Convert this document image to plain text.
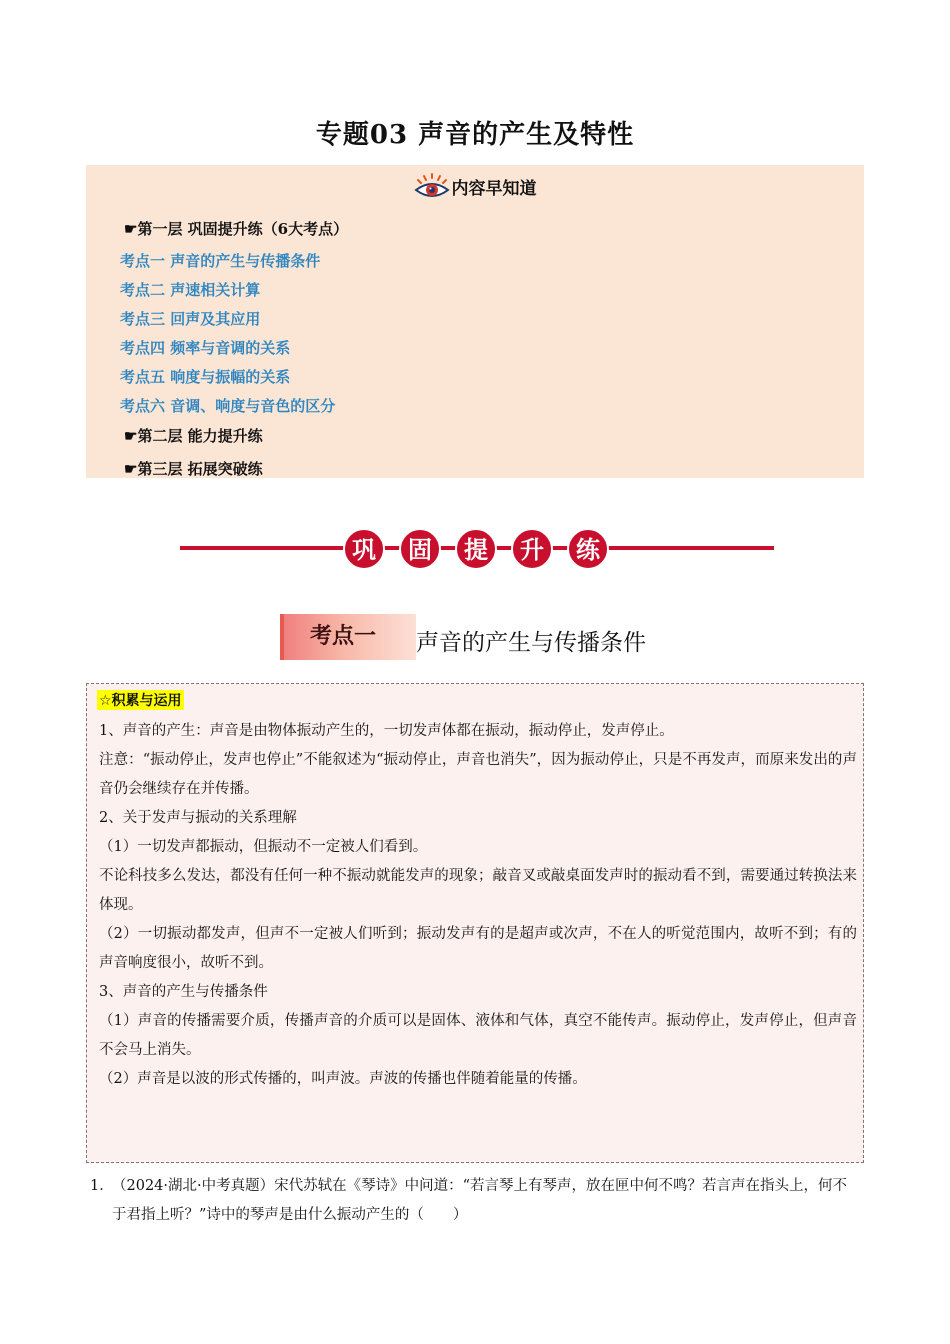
专题03 声音的产生及特性
内容早知道
☛第一层 巩固提升练（6大考点）
考点一 声音的产生与传播条件
考点二 声速相关计算
考点三 回声及其应用
考点四 频率与音调的关系
考点五 响度与振幅的关系
考点六 音调、响度与音色的区分
☛第二层 能力提升练
☛第三层 拓展突破练
巩 固 提 升 练
考点一	声音的产生与传播条件
☆积累与运用
1、声音的产生：声音是由物体振动产生的，一切发声体都在振动，振动停止，发声停止。
注意：“振动停止，发声也停止”不能叙述为“振动停止，声音也消失”，因为振动停止，只是不再发声，而原来发出的声音仍会继续存在并传播。
2、关于发声与振动的关系理解
（1）一切发声都振动，但振动不一定被人们看到。
不论科技多么发达，都没有任何一种不振动就能发声的现象；敲音叉或敲桌面发声时的振动看不到，需要通过转换法来体现。
（2）一切振动都发声，但声不一定被人们听到；振动发声有的是超声或次声，不在人的听觉范围内，故听不到；有的声音响度很小，故听不到。
3、声音的产生与传播条件
（1）声音的传播需要介质，传播声音的介质可以是固体、液体和气体，真空不能传声。振动停止，发声停止，但声音不会马上消失。
（2）声音是以波的形式传播的，叫声波。声波的传播也伴随着能量的传播。
1．
（2024·湖北·中考真题）宋代苏轼在《琴诗》中问道：“若言琴上有琴声，放在匣中何不鸣？若言声在指头上，何不于君指上听？”诗中的琴声是由什么振动产生的（　　）
